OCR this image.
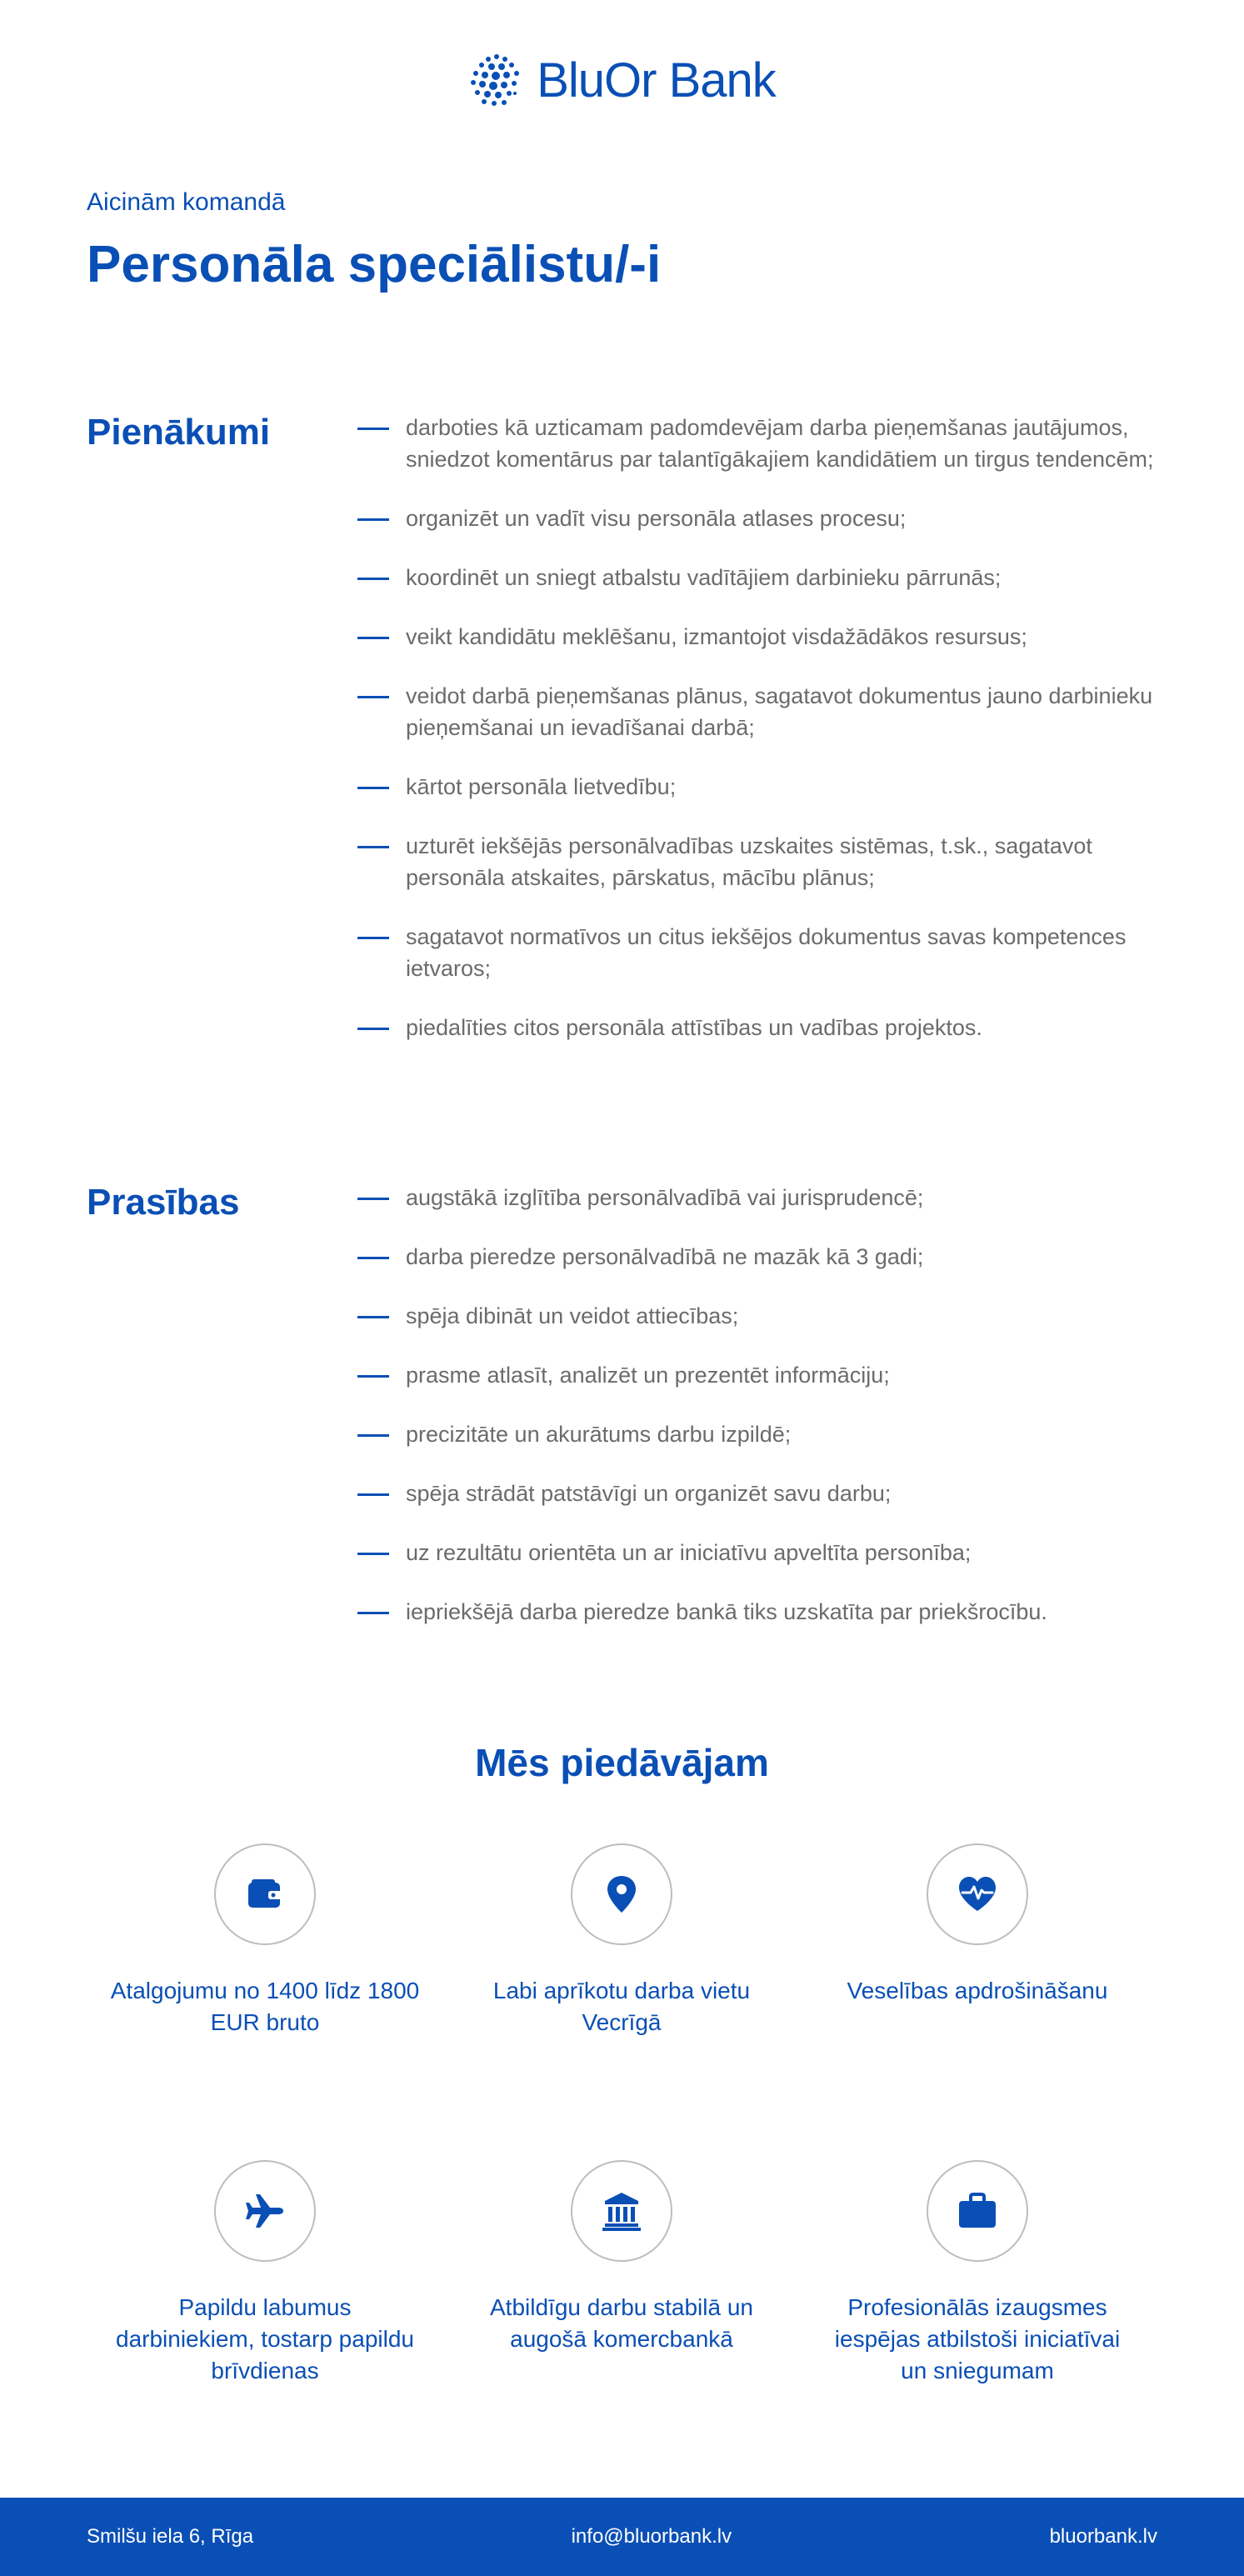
BluOr Bank
Aicinām komandā
Personāla speciālistu/-i
Pienākumi	darboties kā uzticamam padomdevējam darba pieņemšanas jautājumos, sniedzot komentārus par talantīgākajiem kandidātiem un tirgus tendencēm;
organizēt un vadīt visu personāla atlases procesu;
koordinēt un sniegt atbalstu vadītājiem darbinieku pārrunās;
veikt kandidātu meklēšanu, izmantojot visdažādākos resursus;
veidot darbā pieņemšanas plānus, sagatavot dokumentus jauno darbinieku pieņemšanai un ievadīšanai darbā;
kārtot personāla lietvedību;
uzturēt iekšējās personālvadības uzskaites sistēmas, t.sk., sagatavot personāla atskaites, pārskatus, mācību plānus;
sagatavot normatīvos un citus iekšējos dokumentus savas kompetences ietvaros;
piedalīties citos personāla attīstības un vadības projektos.
Prasības	augstākā izglītība personālvadībā vai jurisprudencē;
darba pieredze personālvadībā ne mazāk kā 3 gadi;
spēja dibināt un veidot attiecības;
prasme atlasīt, analizēt un prezentēt informāciju;
precizitāte un akurātums darbu izpildē;
spēja strādāt patstāvīgi un organizēt savu darbu;
uz rezultātu orientēta un ar iniciatīvu apveltīta personība;
iepriekšējā darba pieredze bankā tiks uzskatīta par priekšrocību.
Mēs piedāvājam
Atalgojumu no 1400 līdz 1800 EUR bruto
Labi aprīkotu darba vietu Vecrīgā
Veselības apdrošināšanu
Papildu labumus darbiniekiem, tostarp papildu brīvdienas
Atbildīgu darbu stabilā un augošā komercbankā
Profesionālās izaugsmes iespējas atbilstoši iniciatīvai un sniegumam
Smilšu iela 6, Rīga	info@bluorbank.lv	bluorbank.lv
